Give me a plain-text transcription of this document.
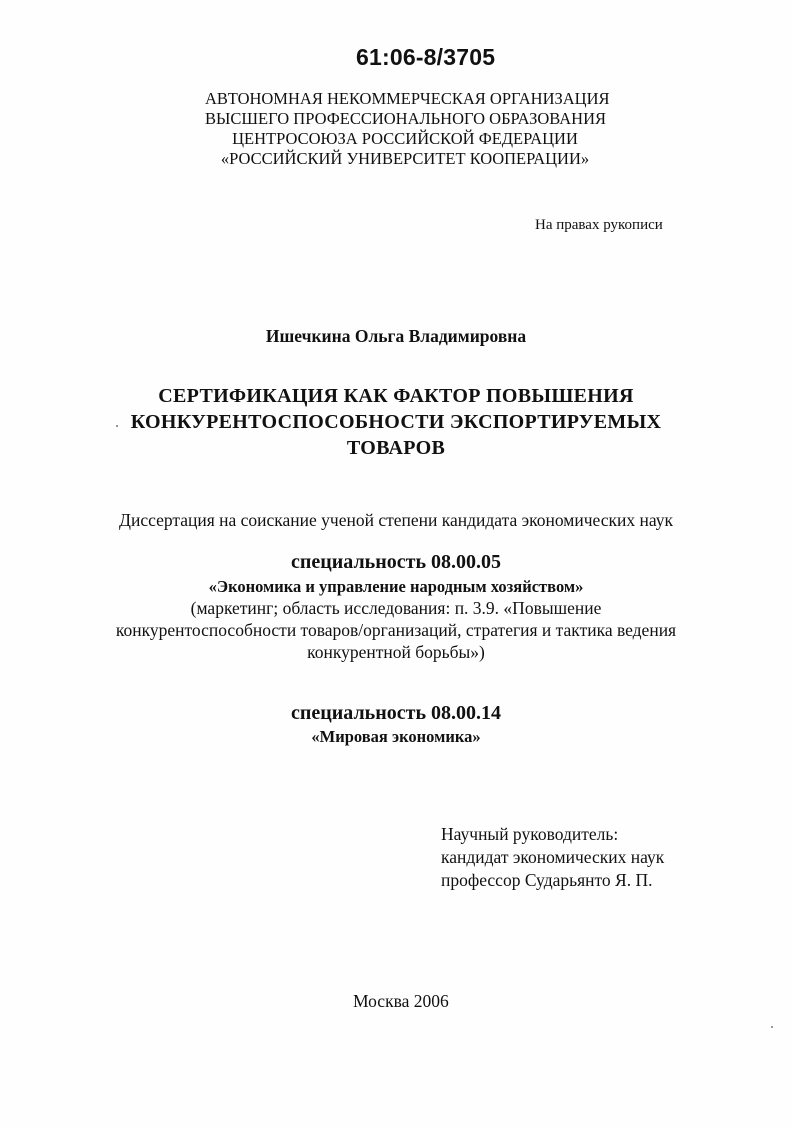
61:06-8/3705
АВТОНОМНАЯ НЕКОММЕРЧЕСКАЯ ОРГАНИЗАЦИЯ
ВЫСШЕГО ПРОФЕССИОНАЛЬНОГО ОБРАЗОВАНИЯ
ЦЕНТРОСОЮЗА РОССИЙСКОЙ ФЕДЕРАЦИИ
«РОССИЙСКИЙ УНИВЕРСИТЕТ КООПЕРАЦИИ»
На правах рукописи
Ишечкина Ольга Владимировна
СЕРТИФИКАЦИЯ КАК ФАКТОР ПОВЫШЕНИЯ
КОНКУРЕНТОСПОСОБНОСТИ ЭКСПОРТИРУЕМЫХ
ТОВАРОВ
Диссертация на соискание ученой степени кандидата экономических наук
специальность 08.00.05
«Экономика и управление народным хозяйством»
(маркетинг; область исследования: п. 3.9. «Повышение
конкурентоспособности товаров/организаций, стратегия и тактика ведения
конкурентной борьбы»)
специальность 08.00.14
«Мировая экономика»
Научный руководитель:
кандидат экономических наук
профессор Сударьянто Я. П.
Москва 2006
